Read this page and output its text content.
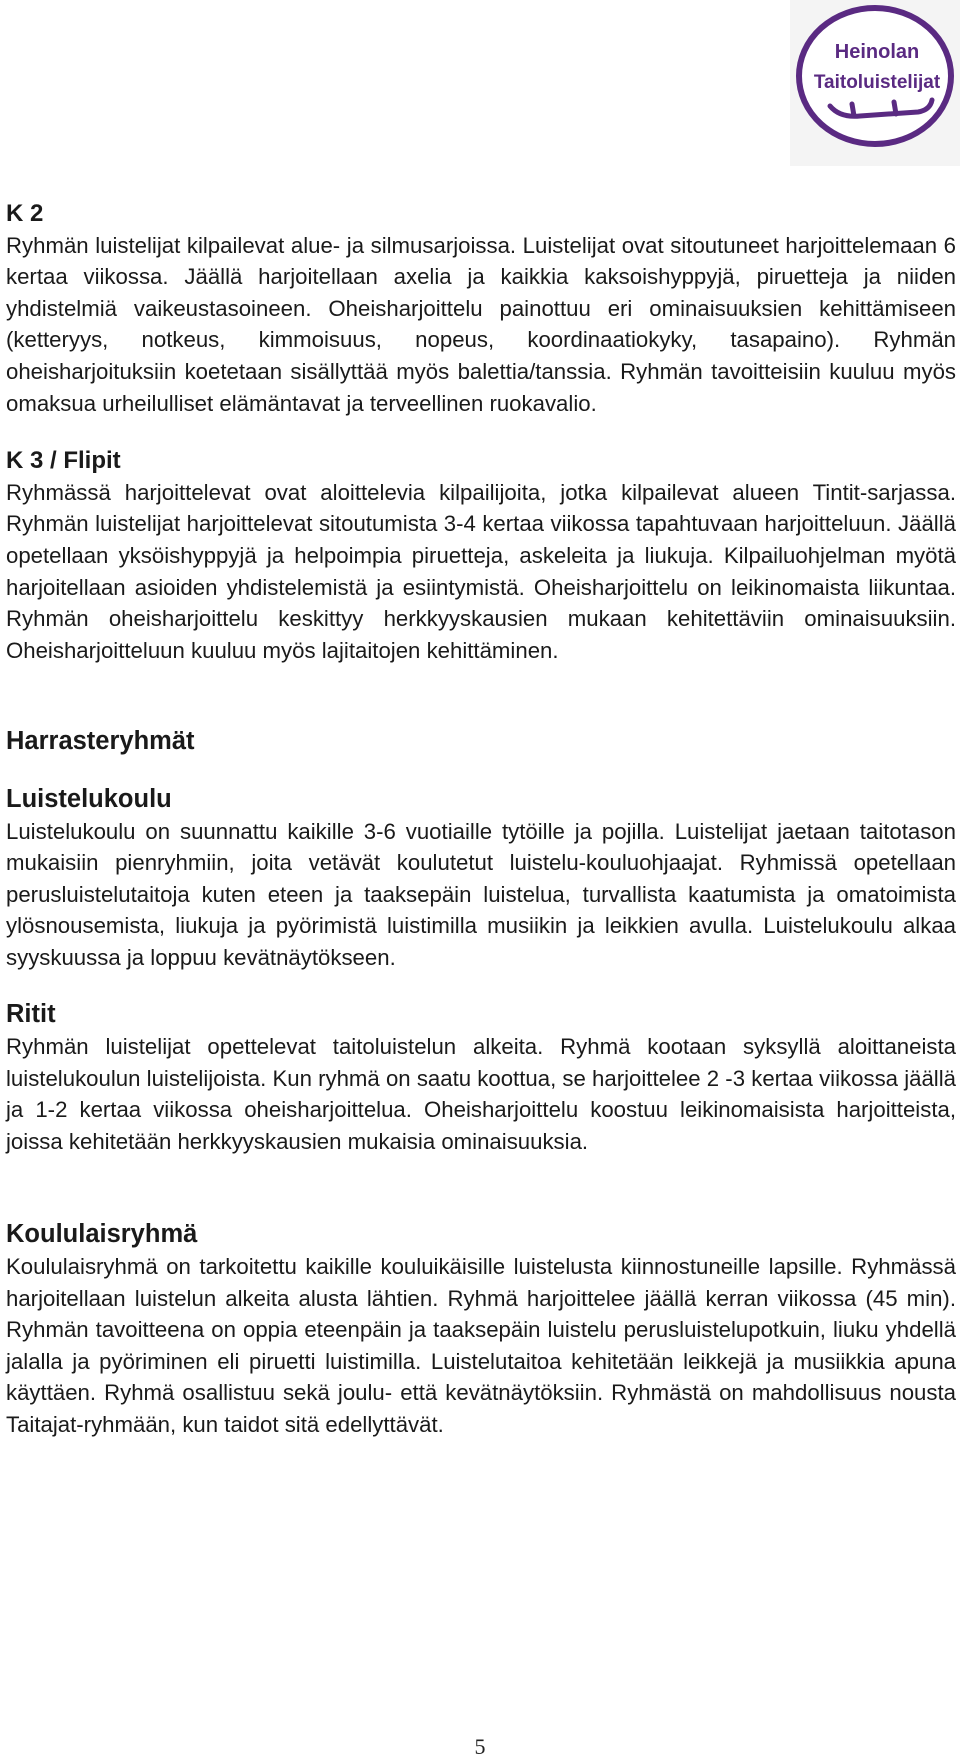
Heinolan
Taitoluistelijat
K 2

Ryhmän luistelijat kilpailevat alue- ja silmusarjoissa. Luistelijat ovat sitoutuneet harjoittelemaan 6 kertaa viikossa. Jäällä harjoitellaan axelia ja kaikkia kaksoishyppyjä, piruetteja ja niiden yhdistelmiä vaikeustasoineen. Oheisharjoittelu painottuu eri ominaisuuksien kehittämiseen (ketteryys, notkeus, kimmoisuus, nopeus, koordinaatiokyky, tasapaino). Ryhmän oheisharjoituksiin koetetaan sisällyttää myös balettia/tanssia. Ryhmän tavoitteisiin kuuluu myös omaksua urheilulliset elämäntavat ja terveellinen ruokavalio.

K 3 / Flipit

Ryhmässä harjoittelevat ovat aloittelevia kilpailijoita, jotka kilpailevat alueen Tintit-sarjassa. Ryhmän luistelijat harjoittelevat sitoutumista 3-4 kertaa viikossa tapahtuvaan harjoitteluun. Jäällä opetellaan yksöishyppyjä ja helpoimpia piruetteja, askeleita ja liukuja. Kilpailuohjelman myötä harjoitellaan asioiden yhdistelemistä ja esiintymistä. Oheisharjoittelu on leikinomaista liikuntaa. Ryhmän oheisharjoittelu keskittyy herkkyyskausien mukaan kehitettäviin ominaisuuksiin. Oheisharjoitteluun kuuluu myös lajitaitojen kehittäminen.

Harrasteryhmät
Luistelukoulu

Luistelukoulu on suunnattu kaikille 3-6 vuotiaille tytöille ja pojilla. Luistelijat jaetaan taitotason mukaisiin pienryhmiin, joita vetävät koulutetut luistelu-kouluohjaajat. Ryhmissä opetellaan perusluistelutaitoja kuten eteen ja taaksepäin luistelua, turvallista kaatumista ja omatoimista ylösnousemista, liukuja ja pyörimistä luistimilla musiikin ja leikkien avulla. Luistelukoulu alkaa syyskuussa ja loppuu kevätnäytökseen.

Ritit

Ryhmän luistelijat opettelevat taitoluistelun alkeita. Ryhmä kootaan syksyllä aloittaneista luistelukoulun luistelijoista. Kun ryhmä on saatu koottua, se harjoittelee 2 -3 kertaa viikossa jäällä ja 1-2 kertaa viikossa oheisharjoittelua. Oheisharjoittelu koostuu leikinomaisista harjoitteista, joissa kehitetään herkkyyskausien mukaisia ominaisuuksia.

Koululaisryhmä

Koululaisryhmä on tarkoitettu kaikille kouluikäisille luistelusta kiinnostuneille lapsille. Ryhmässä harjoitellaan luistelun alkeita alusta lähtien. Ryhmä harjoittelee jäällä kerran viikossa (45 min). Ryhmän tavoitteena on oppia eteenpäin ja taaksepäin luistelu perusluistelupotkuin, liuku yhdellä jalalla ja pyöriminen eli piruetti luistimilla. Luistelutaitoa kehitetään leikkejä ja musiikkia apuna käyttäen. Ryhmä osallistuu sekä joulu- että kevätnäytöksiin. Ryhmästä on mahdollisuus nousta Taitajat-ryhmään, kun taidot sitä edellyttävät.

5
